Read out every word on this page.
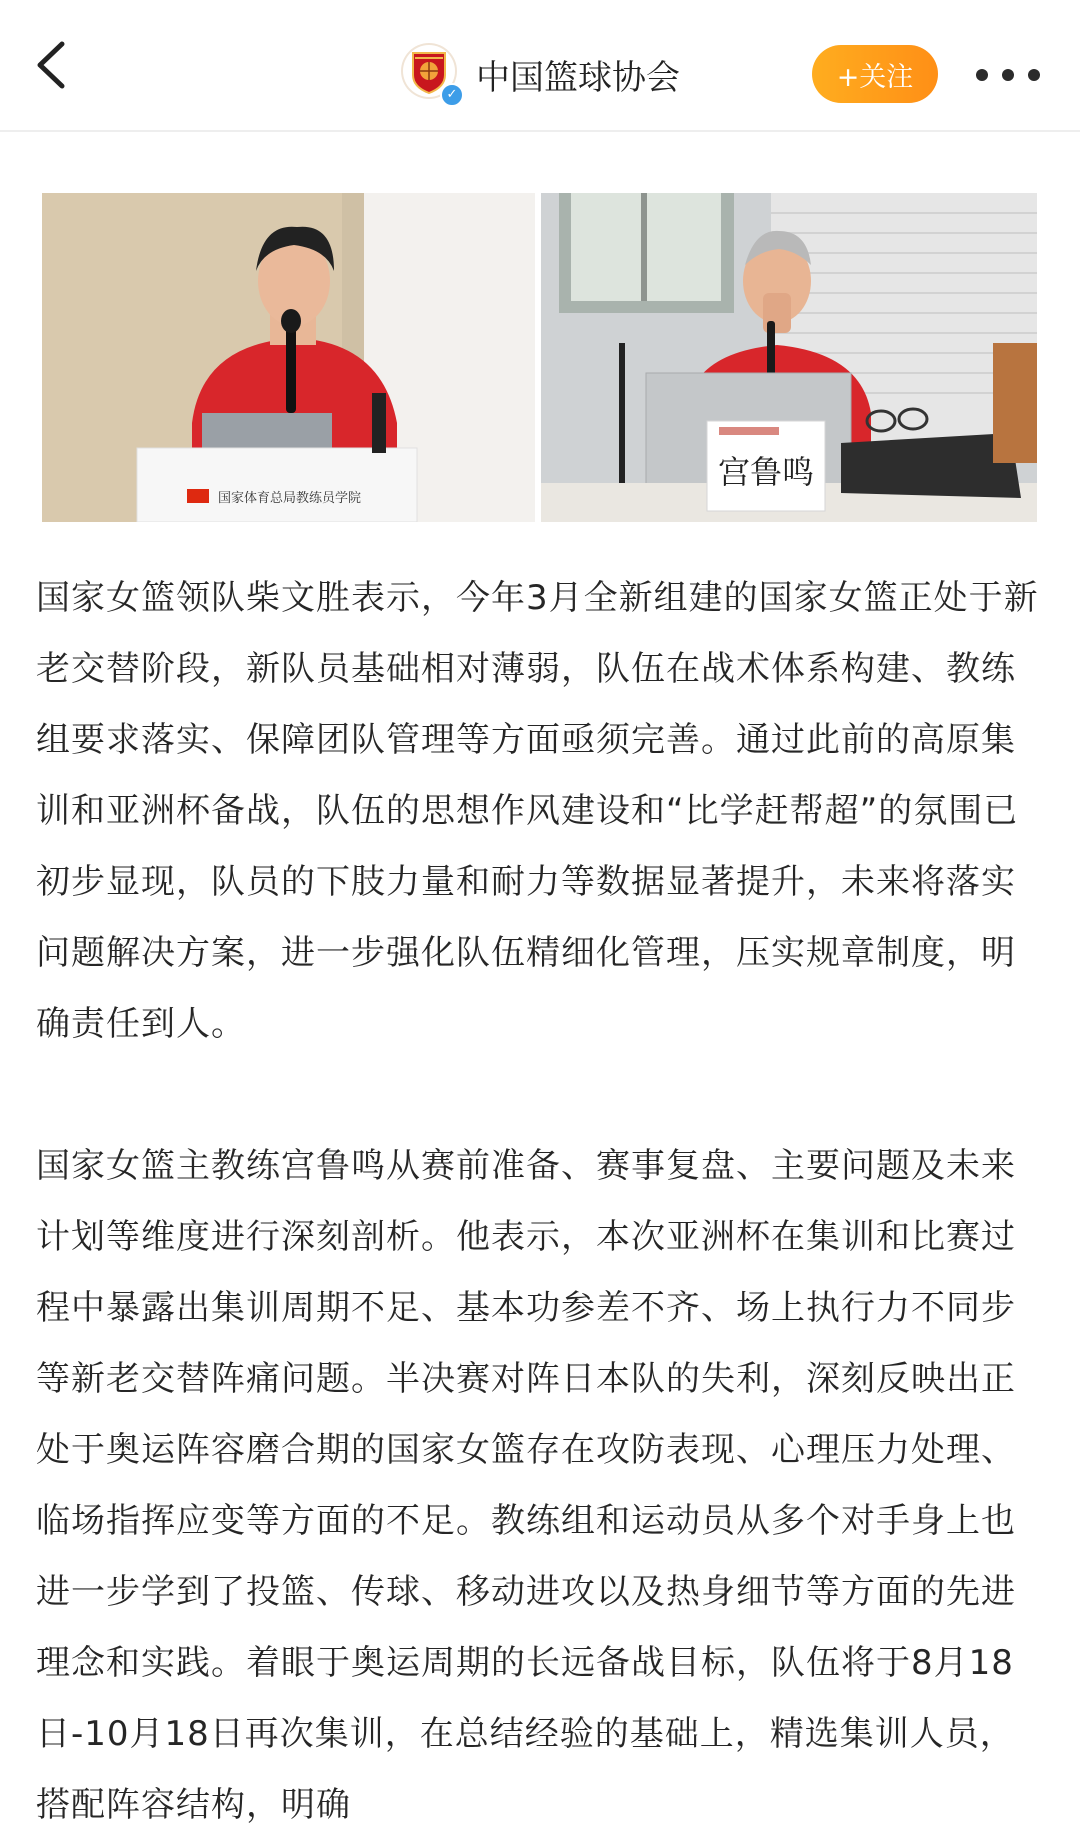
✓ 中国篮球协会	+关注
国家体育总局教练员学院
宫鲁鸣

国家女篮领队柴文胜表示，今年3月全新组建的国家女篮正处于新老交替阶段，新队员基础相对薄弱，队伍在战术体系构建、教练组要求落实、保障团队管理等方面亟须完善。通过此前的高原集训和亚洲杯备战，队伍的思想作风建设和“比学赶帮超”的氛围已初步显现，队员的下肢力量和耐力等数据显著提升，未来将落实问题解决方案，进一步强化队伍精细化管理，压实规章制度，明确责任到人。

国家女篮主教练宫鲁鸣从赛前准备、赛事复盘、主要问题及未来计划等维度进行深刻剖析。他表示，本次亚洲杯在集训和比赛过程中暴露出集训周期不足、基本功参差不齐、场上执行力不同步等新老交替阵痛问题。半决赛对阵日本队的失利，深刻反映出正处于奥运阵容磨合期的国家女篮存在攻防表现、心理压力处理、临场指挥应变等方面的不足。教练组和运动员从多个对手身上也进一步学到了投篮、传球、移动进攻以及热身细节等方面的先进理念和实践。着眼于奥运周期的长远备战目标，队伍将于8月18日-10月18日再次集训，在总结经验的基础上，精选集训人员，搭配阵容结构，明确
